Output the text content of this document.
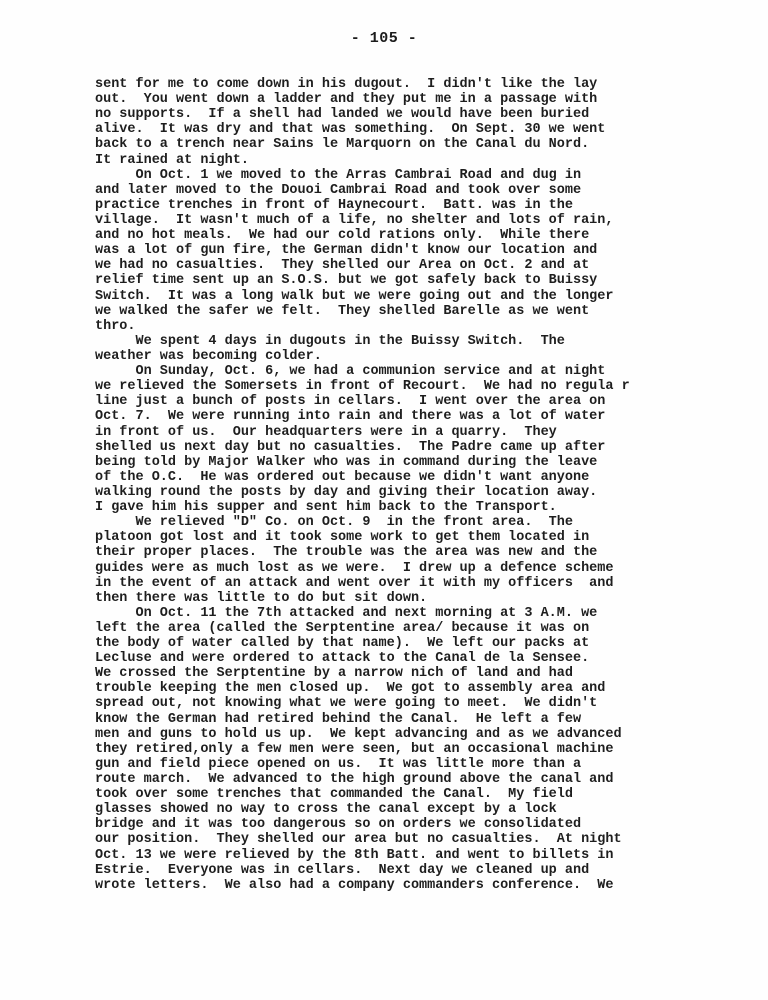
- 105 -
sent for me to come down in his dugout.  I didn't like the lay
out.  You went down a ladder and they put me in a passage with
no supports.  If a shell had landed we would have been buried
alive.  It was dry and that was something.  On Sept. 30 we went
back to a trench near Sains le Marquorn on the Canal du Nord.
It rained at night.
On Oct. 1 we moved to the Arras Cambrai Road and dug in
and later moved to the Douoi Cambrai Road and took over some
practice trenches in front of Haynecourt.  Batt. was in the
village.  It wasn't much of a life, no shelter and lots of rain,
and no hot meals.  We had our cold rations only.  While there
was a lot of gun fire, the German didn't know our location and
we had no casualties.  They shelled our Area on Oct. 2 and at
relief time sent up an S.O.S. but we got safely back to Buissy
Switch.  It was a long walk but we were going out and the longer
we walked the safer we felt.  They shelled Barelle as we went
thro.
We spent 4 days in dugouts in the Buissy Switch.  The
weather was becoming colder.
On Sunday, Oct. 6, we had a communion service and at night
we relieved the Somersets in front of Recourt.  We had no regula r
line just a bunch of posts in cellars.  I went over the area on
Oct. 7.  We were running into rain and there was a lot of water
in front of us.  Our headquarters were in a quarry.  They
shelled us next day but no casualties.  The Padre came up after
being told by Major Walker who was in command during the leave
of the O.C.  He was ordered out because we didn't want anyone
walking round the posts by day and giving their location away.
I gave him his supper and sent him back to the Transport.
We relieved "D" Co. on Oct. 9  in the front area.  The
platoon got lost and it took some work to get them located in
their proper places.  The trouble was the area was new and the
guides were as much lost as we were.  I drew up a defence scheme
in the event of an attack and went over it with my officers  and
then there was little to do but sit down.
On Oct. 11 the 7th attacked and next morning at 3 A.M. we
left the area (called the Serptentine area/ because it was on
the body of water called by that name).  We left our packs at
Lecluse and were ordered to attack to the Canal de la Sensee.
We crossed the Serptentine by a narrow nich of land and had
trouble keeping the men closed up.  We got to assembly area and
spread out, not knowing what we were going to meet.  We didn't
know the German had retired behind the Canal.  He left a few
men and guns to hold us up.  We kept advancing and as we advanced
they retired,only a few men were seen, but an occasional machine
gun and field piece opened on us.  It was little more than a
route march.  We advanced to the high ground above the canal and
took over some trenches that commanded the Canal.  My field
glasses showed no way to cross the canal except by a lock
bridge and it was too dangerous so on orders we consolidated
our position.  They shelled our area but no casualties.  At night
Oct. 13 we were relieved by the 8th Batt. and went to billets in
Estrie.  Everyone was in cellars.  Next day we cleaned up and
wrote letters.  We also had a company commanders conference.  We
